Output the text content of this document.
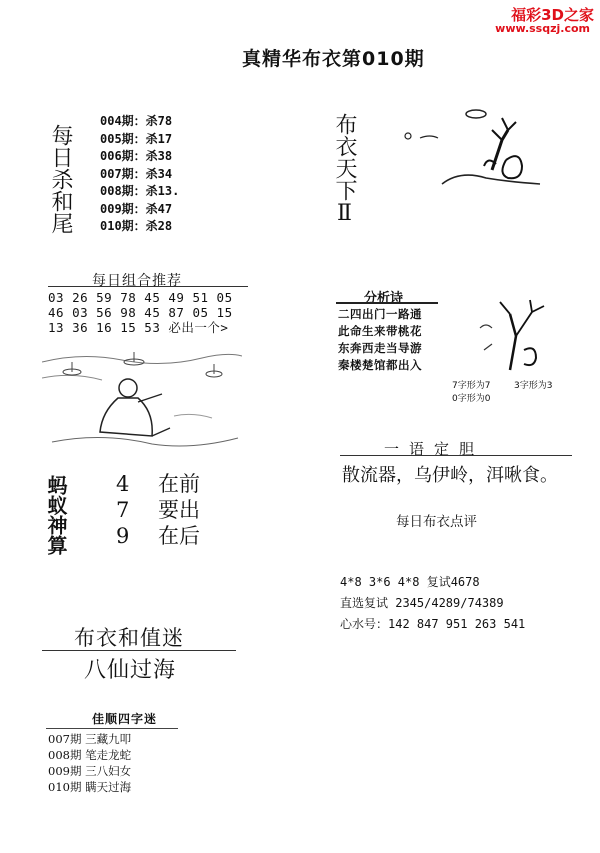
福彩3D之家
www.ssqzj.com
真精华布衣第010期
每日杀和尾
004期：杀78
005期：杀17
006期：杀38
007期：杀34
008期：杀13.
009期：杀47
010期：杀28	布衣天下Ⅱ
每日组合推荐
03 26 59 78 45 49 51 05
46 03 56 98 45 87 05 15
13 36 16 15 53 必出一个>
蚂蚁神算 4 在前
7 要出
9 在后
分析诗
二四出门一路通
此命生来带桃花
东奔西走当导游
秦楼楚馆都出入
7字形为7	3字形为3
0字形为0
一语定胆
散流器，乌伊岭，洱啾食。
每日布衣点评
4*8 3*6 4*8 复试4678
直选复试 2345/4289/74389
心水号：142 847 951 263 541
布衣和值迷
八仙过海
佳顺四字迷
007期 三藏九叩
008期 笔走龙蛇
009期 三八妇女
010期 瞒天过海
